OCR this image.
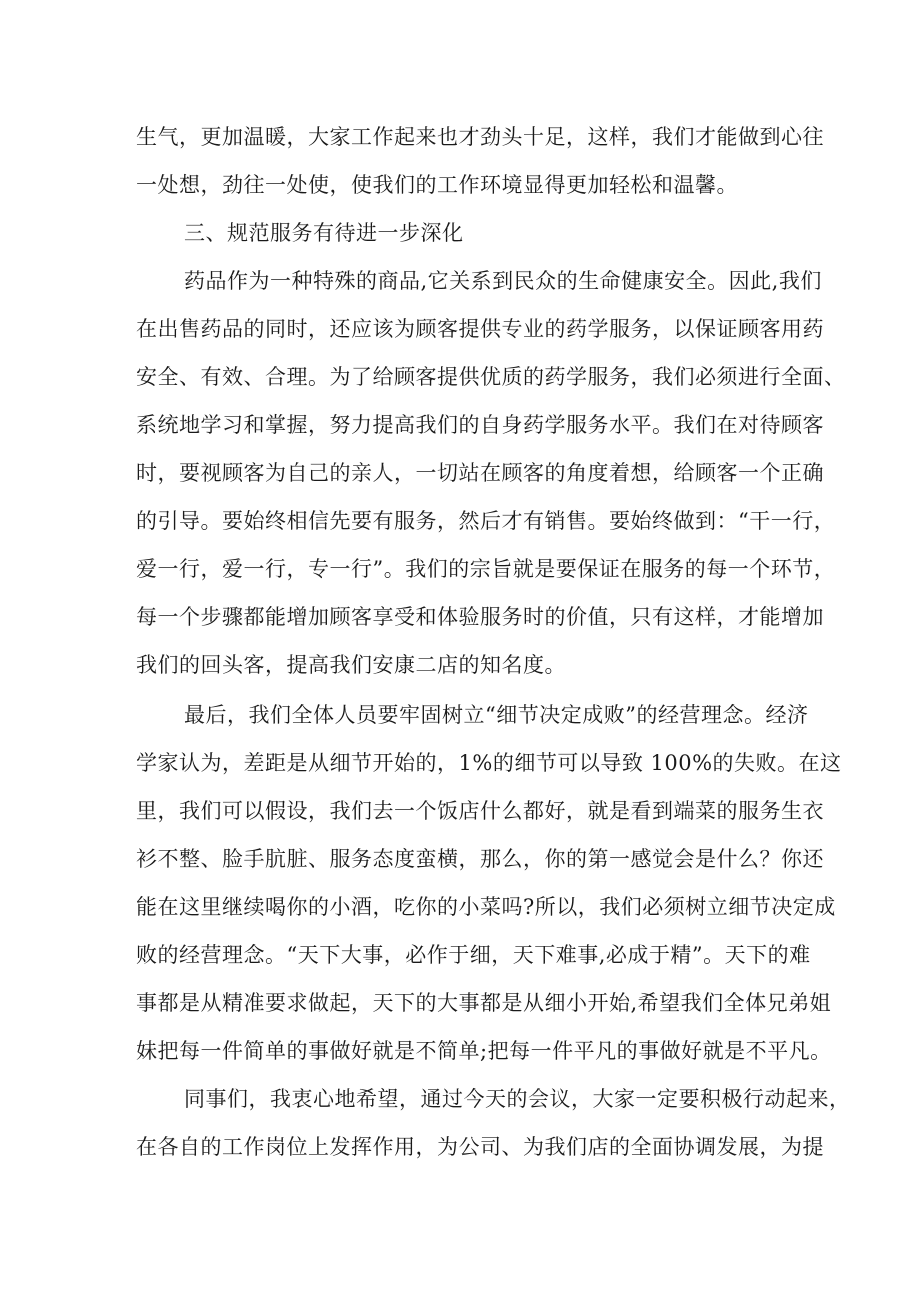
生气，更加温暖，大家工作起来也才劲头十足，这样，我们才能做到心往
一处想，劲往一处使，使我们的工作环境显得更加轻松和温馨。
三、规范服务有待进一步深化
药品作为一种特殊的商品,它关系到民众的生命健康安全。因此,我们
在出售药品的同时，还应该为顾客提供专业的药学服务，以保证顾客用药
安全、有效、合理。为了给顾客提供优质的药学服务，我们必须进行全面、
系统地学习和掌握，努力提高我们的自身药学服务水平。我们在对待顾客
时，要视顾客为自己的亲人，一切站在顾客的角度着想，给顾客一个正确
的引导。要始终相信先要有服务，然后才有销售。要始终做到：“干一行，
爱一行，爱一行，专一行”。我们的宗旨就是要保证在服务的每一个环节，
每一个步骤都能增加顾客享受和体验服务时的价值，只有这样，才能增加
我们的回头客，提高我们安康二店的知名度。
最后，我们全体人员要牢固树立“细节决定成败”的经营理念。经济
学家认为，差距是从细节开始的，1%的细节可以导致 100%的失败。在这
里，我们可以假设，我们去一个饭店什么都好，就是看到端菜的服务生衣
衫不整、脸手肮脏、服务态度蛮横，那么，你的第一感觉会是什么？你还
能在这里继续喝你的小酒，吃你的小菜吗?所以，我们必须树立细节决定成
败的经营理念。“天下大事，必作于细，天下难事,必成于精”。天下的难
事都是从精准要求做起，天下的大事都是从细小开始,希望我们全体兄弟姐
妹把每一件简单的事做好就是不简单;把每一件平凡的事做好就是不平凡。
同事们，我衷心地希望，通过今天的会议，大家一定要积极行动起来，
在各自的工作岗位上发挥作用，为公司、为我们店的全面协调发展，为提
